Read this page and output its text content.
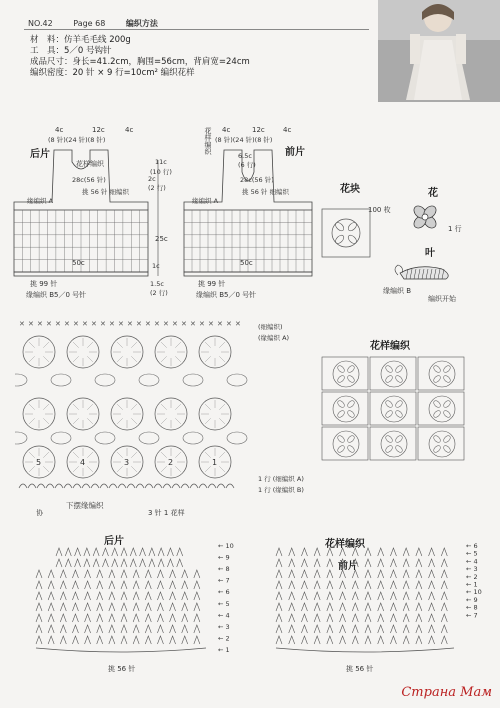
NO.42	Page 68	编织方法
材　料：仿羊毛毛线 200g
工　具：5／0 号钩针
成品尺寸：身长=41.2cm，胸围=56cm，背肩宽=24cm
编织密度：20 针 × 9 行=10cm² 编织花样
后片
4c	12c	4c
(8 针)(24 针)(8 针)
花样编织
28c(56 针)
挑 56 针 细编织
缘编织 A
50c
挑 99 针
缘编织 B5／0 号针
11c
(10 行)
2c
(2 行)
25c
1c
1.5c
(2 行)
前片
花样编织 4c	12c	4c
(8 针)(24 针)(8 针)
6.5c
(6 行)
28c(56 针)
挑 56 针 细编织
缘编织 A
50c
挑 99 针
缘编织 B5／0 号针
花块
100 枚
花
叶
1 行
缘编织 B
编织开始
✕ ✕ ✕ ✕ ✕ ✕ ✕ ✕ ✕ ✕ ✕ ✕ ✕ ✕ ✕ ✕ ✕ ✕ ✕ ✕ ✕ ✕ ✕ ✕ ✕
5	4	3	2	1
(细编织)
(缘编织 A)
1 行 (细编织 A)
1 行 (缘编织 B)
协
下摆缘编织
3 针 1 花样
花样编织
后片	← 10
← 9
← 8
← 7
← 6
← 5
← 4
← 3
← 2
← 1
挑 56 针
花样编织
前片
← 6
← 5
← 4
← 3
← 2
← 1
← 10
← 9
← 8
← 7
挑 56 针
Страна Мам
